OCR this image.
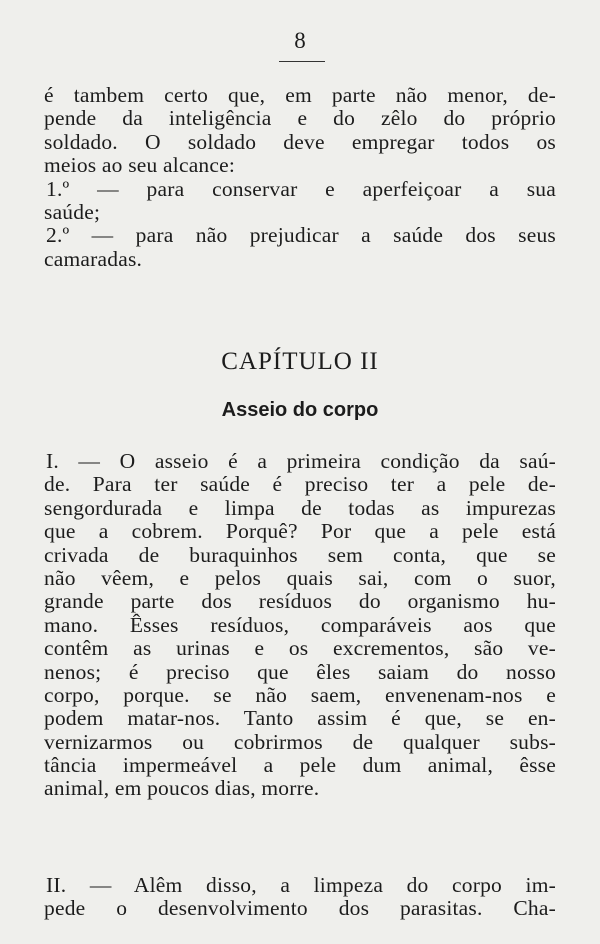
8
é tambem certo que, em parte não menor, de-
pende da inteligência e do zêlo do próprio
soldado. O soldado deve empregar todos os
meios ao seu alcance:
1.º — para conservar e aperfeiçoar a sua
saúde;
2.º — para não prejudicar a saúde dos seus
camaradas.
CAPÍTULO II
Asseio do corpo
I. — O asseio é a primeira condição da saú-
de. Para ter saúde é preciso ter a pele de-
sengordurada e limpa de todas as impurezas
que a cobrem. Porquê? Por que a pele está
crivada de buraquinhos sem conta, que se
não vêem, e pelos quais sai, com o suor,
grande parte dos resíduos do organismo hu-
mano. Êsses resíduos, comparáveis aos que
contêm as urinas e os excrementos, são ve-
nenos; é preciso que êles saiam do nosso
corpo, porque. se não saem, envenenam-nos e
podem matar-nos. Tanto assim é que, se en-
vernizarmos ou cobrirmos de qualquer subs-
tância impermeável a pele dum animal, êsse
animal, em poucos dias, morre.
II. — Alêm disso, a limpeza do corpo im-
pede o desenvolvimento dos parasitas. Cha-
